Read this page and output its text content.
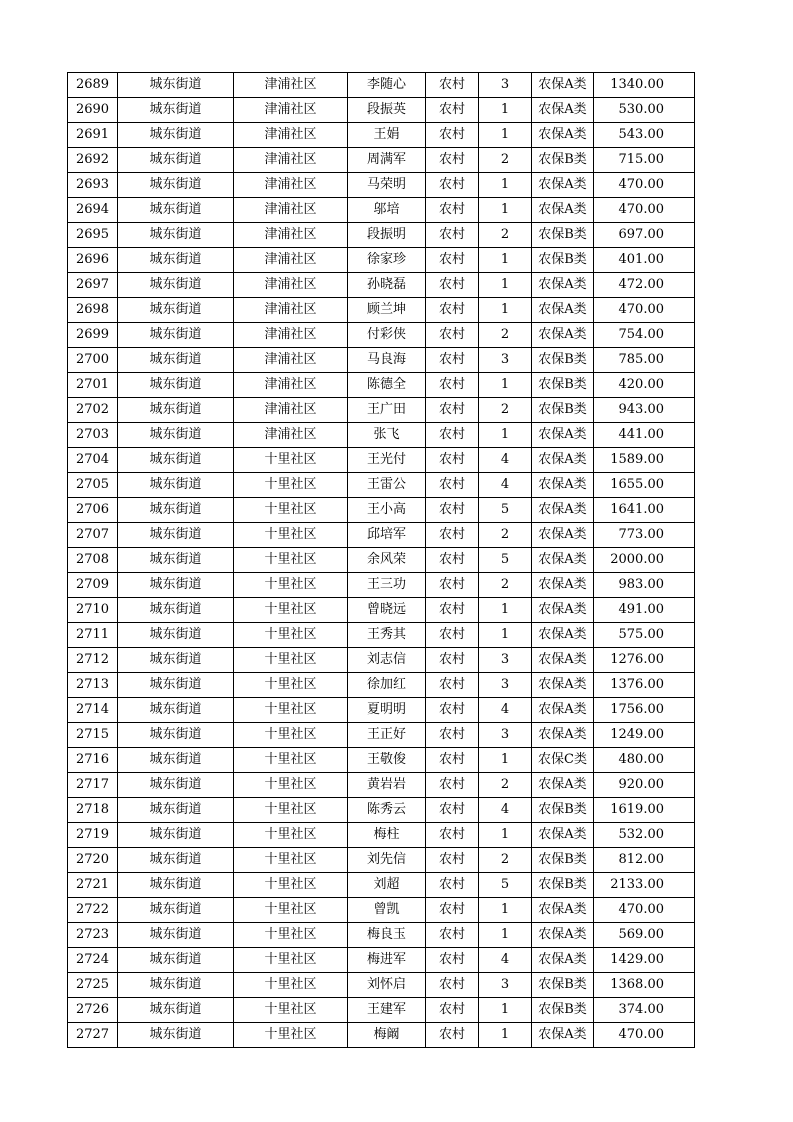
2689	城东街道	津浦社区	李随心	农村	3	农保A类	1340.00
2690	城东街道	津浦社区	段振英	农村	1	农保A类	530.00
2691	城东街道	津浦社区	王娟	农村	1	农保A类	543.00
2692	城东街道	津浦社区	周满军	农村	2	农保B类	715.00
2693	城东街道	津浦社区	马荣明	农村	1	农保A类	470.00
2694	城东街道	津浦社区	邬培	农村	1	农保A类	470.00
2695	城东街道	津浦社区	段振明	农村	2	农保B类	697.00
2696	城东街道	津浦社区	徐家珍	农村	1	农保B类	401.00
2697	城东街道	津浦社区	孙晓磊	农村	1	农保A类	472.00
2698	城东街道	津浦社区	顾兰坤	农村	1	农保A类	470.00
2699	城东街道	津浦社区	付彩侠	农村	2	农保A类	754.00
2700	城东街道	津浦社区	马良海	农村	3	农保B类	785.00
2701	城东街道	津浦社区	陈德全	农村	1	农保B类	420.00
2702	城东街道	津浦社区	王广田	农村	2	农保B类	943.00
2703	城东街道	津浦社区	张飞	农村	1	农保A类	441.00
2704	城东街道	十里社区	王光付	农村	4	农保A类	1589.00
2705	城东街道	十里社区	王雷公	农村	4	农保A类	1655.00
2706	城东街道	十里社区	王小高	农村	5	农保A类	1641.00
2707	城东街道	十里社区	邱培军	农村	2	农保A类	773.00
2708	城东街道	十里社区	余风荣	农村	5	农保A类	2000.00
2709	城东街道	十里社区	王三功	农村	2	农保A类	983.00
2710	城东街道	十里社区	曾晓远	农村	1	农保A类	491.00
2711	城东街道	十里社区	王秀其	农村	1	农保A类	575.00
2712	城东街道	十里社区	刘志信	农村	3	农保A类	1276.00
2713	城东街道	十里社区	徐加红	农村	3	农保A类	1376.00
2714	城东街道	十里社区	夏明明	农村	4	农保A类	1756.00
2715	城东街道	十里社区	王正好	农村	3	农保A类	1249.00
2716	城东街道	十里社区	王敬俊	农村	1	农保C类	480.00
2717	城东街道	十里社区	黄岩岩	农村	2	农保A类	920.00
2718	城东街道	十里社区	陈秀云	农村	4	农保B类	1619.00
2719	城东街道	十里社区	梅柱	农村	1	农保A类	532.00
2720	城东街道	十里社区	刘先信	农村	2	农保B类	812.00
2721	城东街道	十里社区	刘超	农村	5	农保B类	2133.00
2722	城东街道	十里社区	曾凯	农村	1	农保A类	470.00
2723	城东街道	十里社区	梅良玉	农村	1	农保A类	569.00
2724	城东街道	十里社区	梅进军	农村	4	农保A类	1429.00
2725	城东街道	十里社区	刘怀启	农村	3	农保B类	1368.00
2726	城东街道	十里社区	王建军	农村	1	农保B类	374.00
2727	城东街道	十里社区	梅阚	农村	1	农保A类	470.00
